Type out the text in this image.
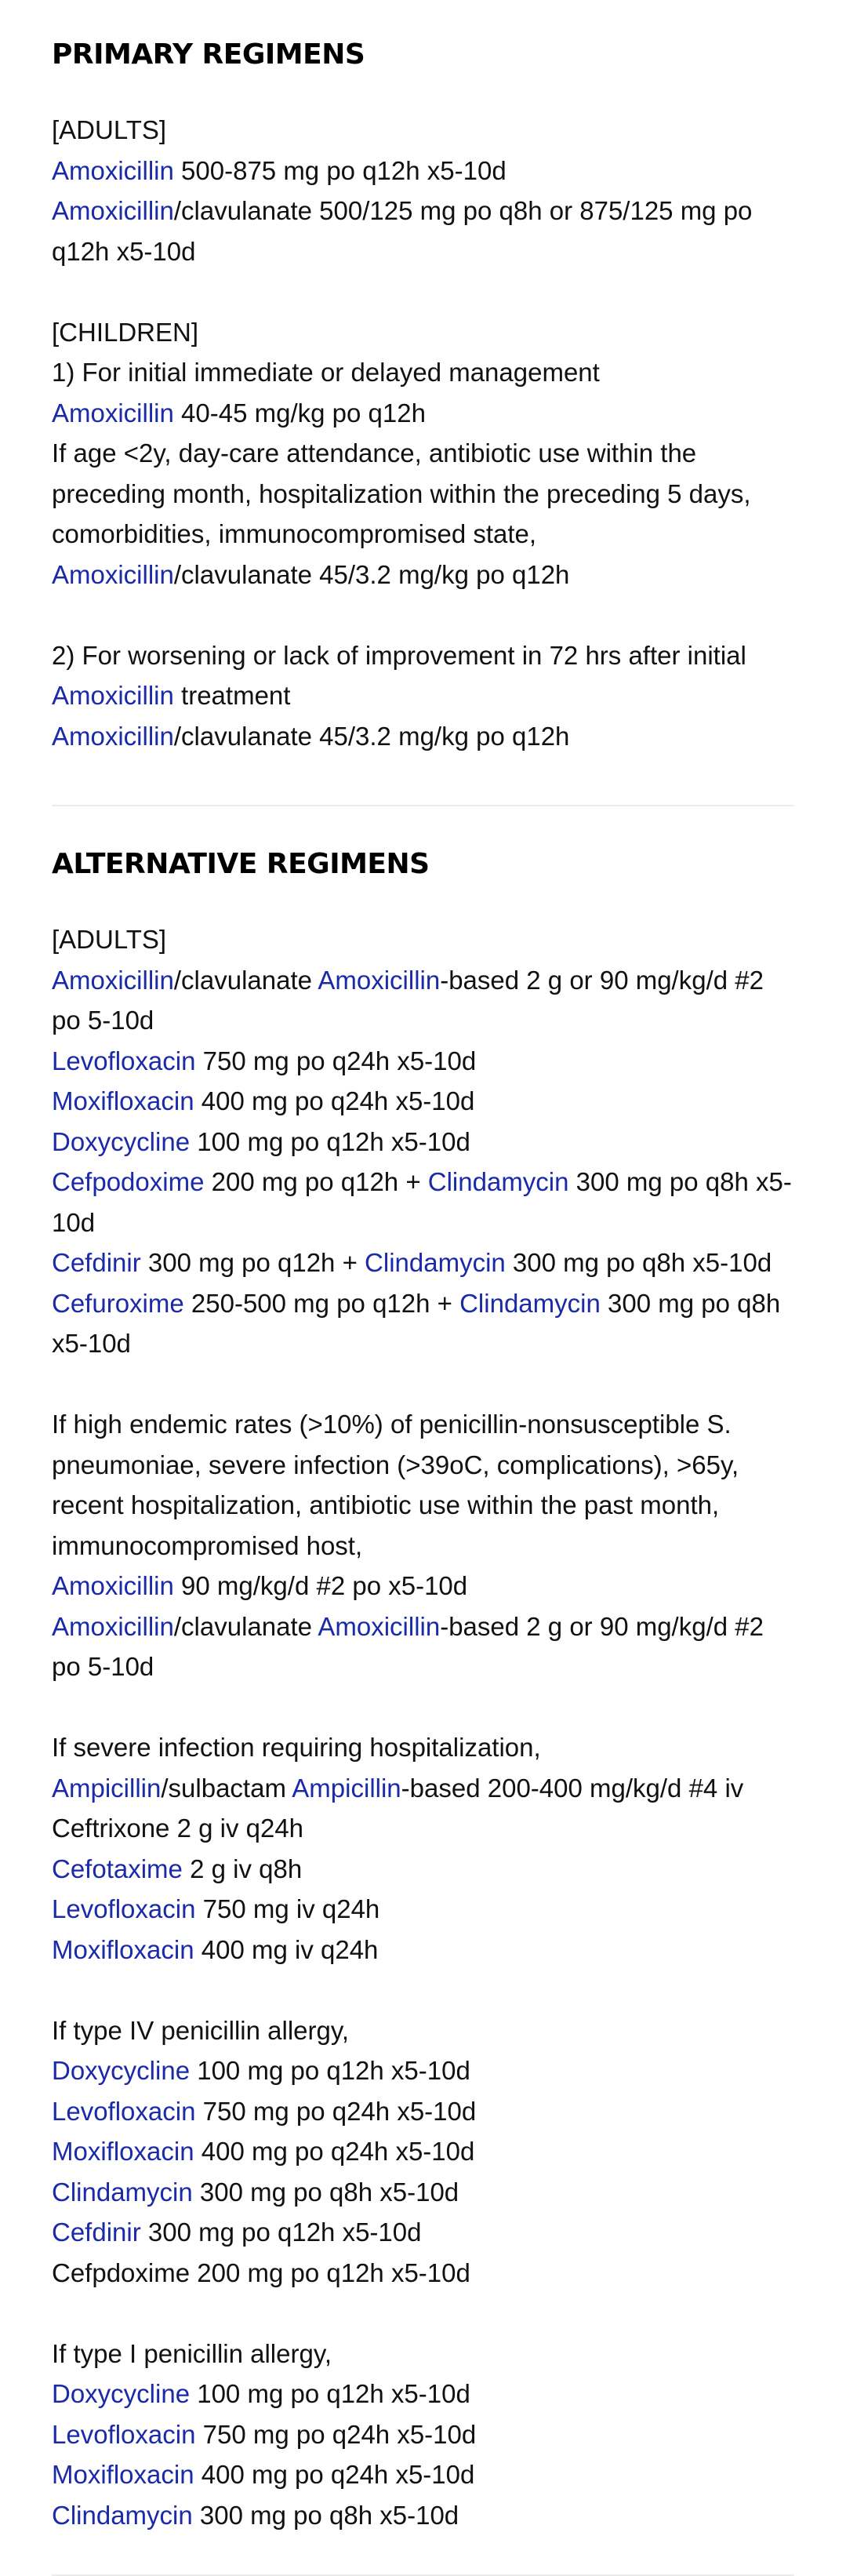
PRIMARY REGIMENS
[ADULTS]
Amoxicillin 500-875 mg po q12h x5-10d
Amoxicillin/clavulanate 500/125 mg po q8h or 875/125 mg po q12h x5-10d
[CHILDREN]
1) For initial immediate or delayed management
Amoxicillin 40-45 mg/kg po q12h
If age <2y, day-care attendance, antibiotic use within the preceding month, hospitalization within the preceding 5 days, comorbidities, immunocompromised state,
Amoxicillin/clavulanate 45/3.2 mg/kg po q12h
2) For worsening or lack of improvement in 72 hrs after initial Amoxicillin treatment
Amoxicillin/clavulanate 45/3.2 mg/kg po q12h
ALTERNATIVE REGIMENS
[ADULTS]
Amoxicillin/clavulanate Amoxicillin-based 2 g or 90 mg/kg/d #2 po 5-10d
Levofloxacin 750 mg po q24h x5-10d
Moxifloxacin 400 mg po q24h x5-10d
Doxycycline 100 mg po q12h x5-10d
Cefpodoxime 200 mg po q12h + Clindamycin 300 mg po q8h x5-10d
Cefdinir 300 mg po q12h + Clindamycin 300 mg po q8h x5-10d
Cefuroxime 250-500 mg po q12h + Clindamycin 300 mg po q8h x5-10d
If high endemic rates (>10%) of penicillin-nonsusceptible S. pneumoniae, severe infection (>39oC, complications), >65y, recent hospitalization, antibiotic use within the past month, immunocompromised host,
Amoxicillin 90 mg/kg/d #2 po x5-10d
Amoxicillin/clavulanate Amoxicillin-based 2 g or 90 mg/kg/d #2 po 5-10d
If severe infection requiring hospitalization,
Ampicillin/sulbactam Ampicillin-based 200-400 mg/kg/d #4 iv
Ceftrixone 2 g iv q24h
Cefotaxime 2 g iv q8h
Levofloxacin 750 mg iv q24h
Moxifloxacin 400 mg iv q24h
If type IV penicillin allergy,
Doxycycline 100 mg po q12h x5-10d
Levofloxacin 750 mg po q24h x5-10d
Moxifloxacin 400 mg po q24h x5-10d
Clindamycin 300 mg po q8h x5-10d
Cefdinir 300 mg po q12h x5-10d
Cefpdoxime 200 mg po q12h x5-10d
If type I penicillin allergy,
Doxycycline 100 mg po q12h x5-10d
Levofloxacin 750 mg po q24h x5-10d
Moxifloxacin 400 mg po q24h x5-10d
Clindamycin 300 mg po q8h x5-10d
